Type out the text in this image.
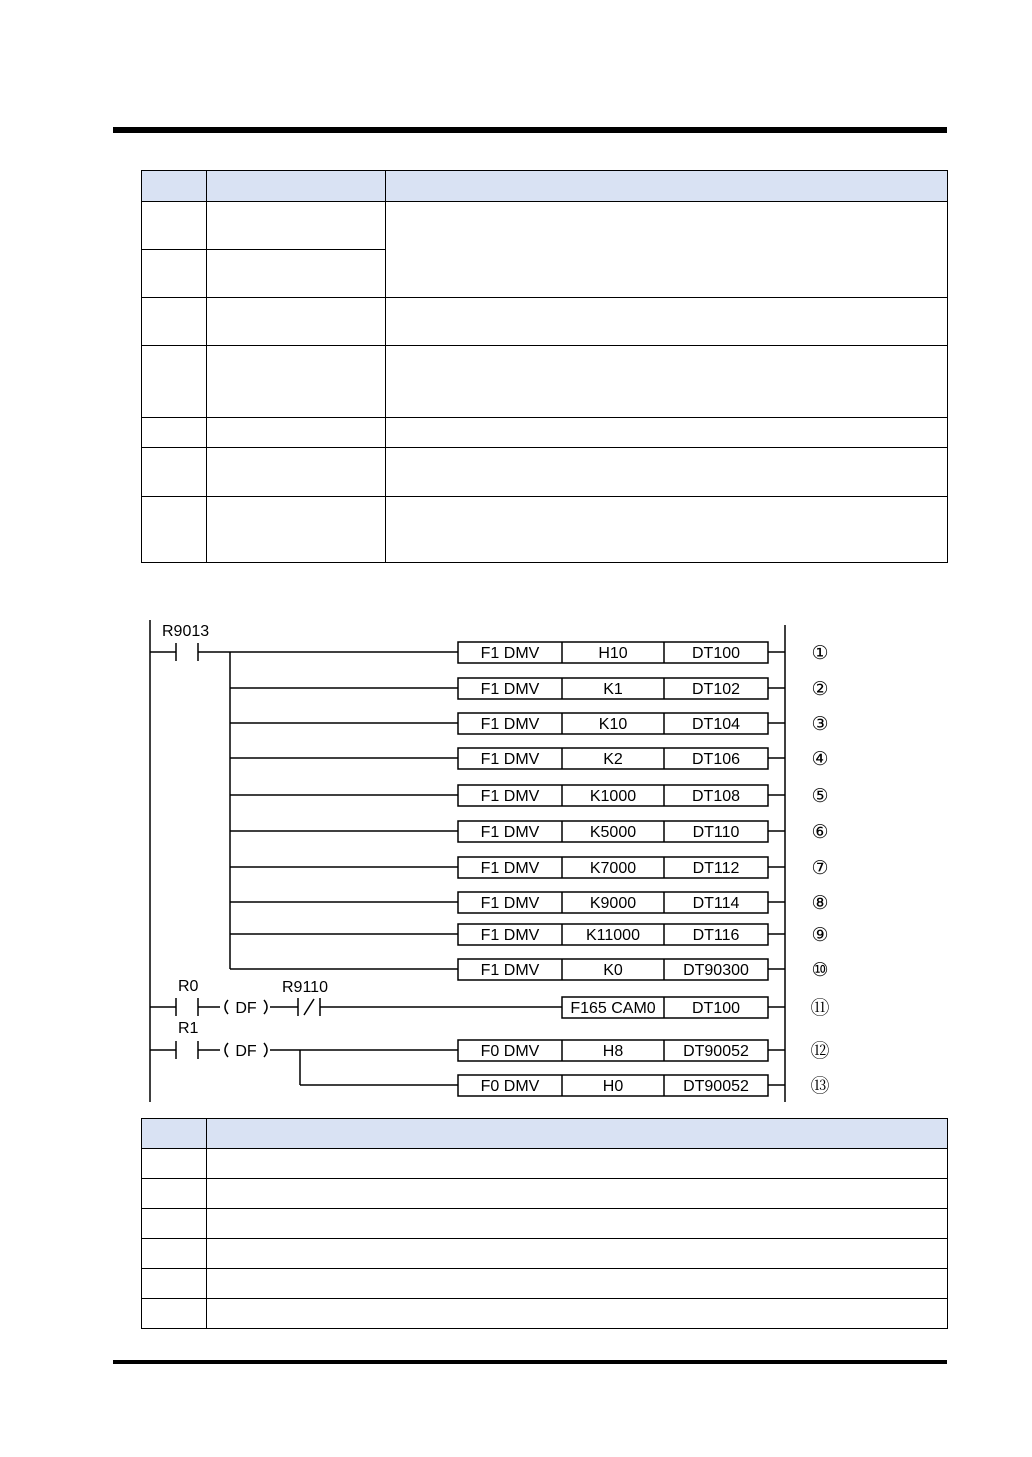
R9013
F1 DMV	H10	DT100	①
F1 DMV	K1	DT102	②
F1 DMV	K10	DT104	③
F1 DMV	K2	DT106	④
F1 DMV	K1000	DT108	⑤
F1 DMV	K5000	DT110	⑥
F1 DMV	K7000	DT112	⑦
F1 DMV	K9000	DT114	⑧
F1 DMV	K11000	DT116	⑨
F1 DMV	K0	DT90300	⑩
R0
DF
R9110
F165 CAM0 DT100	⑪
R1
DF	F0 DMV	H8	DT90052	⑫
F0 DMV	H0	DT90052	⑬
